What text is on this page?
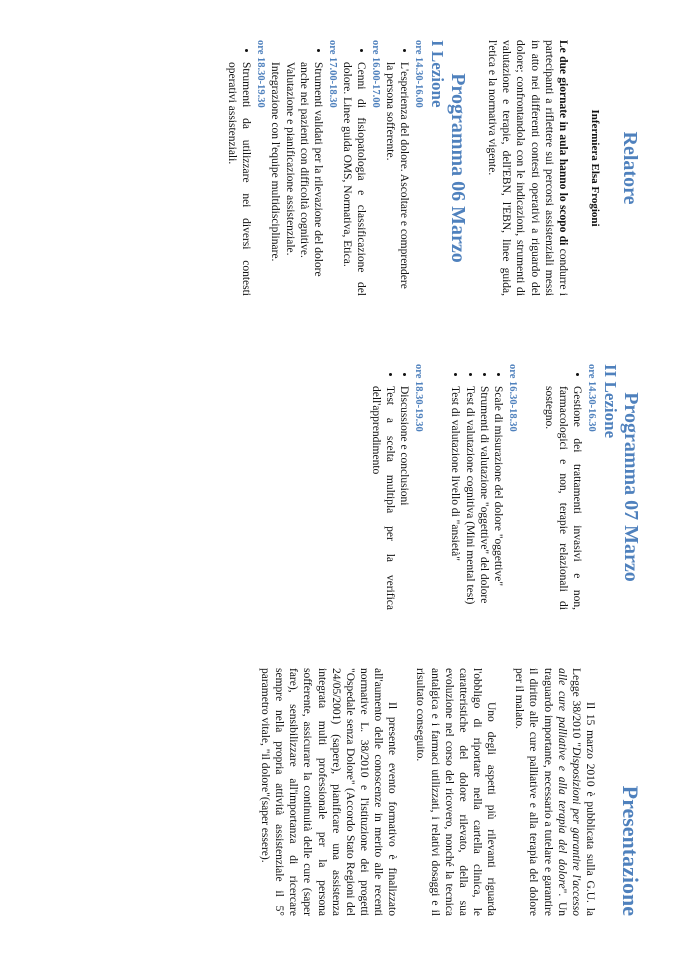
Relatore
Infermiera Elsa Frogioni

Le due giornate in aula hanno lo scopo di condurre i partecipanti a riflettere sui percorsi assistenziali messi in atto nei differenti contesti operativi a riguardo del dolore; confrontandola con le indicazioni, strumenti di valutazione e terapie, dell'EBN, l'EBN, linee guida, l'etica e la normativa vigente.

Programma 06 Marzo
I Lezione

ore 14.30-16.00

• L'esperienza del dolore. Ascoltare e comprendere la persona sofferente.

ore 16.00-17.00

• Cenni di fisiopatologia e classificazione del dolore. Linee guida OMS, Normativa, Etica.

ore 17.00-18.30

• Strumenti validati per la rilevazione del dolore anche nei pazienti con difficoltà cognitive. Valutazione e pianificazione assistenziale. Integrazione con l'equipe multidisciplinare.

ore 18.30-19.30

• Strumenti da utilizzare nei diversi contesti operativi assistenziali.
Programma 07 Marzo
II Lezione

ore 14.30-16.30

• Gestione dei trattamenti invasivi e non, farmacologici e non, terapie relazionali di sostegno.

ore 16.30-18.30

• Scale di misurazione del dolore "oggettive"
• Strumenti di valutazione "oggettive" del dolore
• Test di valutazione cognitiva (Mini mental test)
• Test di valutazione livello di "ansietà"

ore 18.30-19.30

• Discussione e conclusioni
• Test a scelta multipla per la verifica dell'apprendimento
Presentazione

Il 15 marzo 2010 è pubblicata sulla G.U. la Legge 38/2010 "Disposizioni per garantire l'accesso alle cure palliative e alla terapia del dolore". Un traguardo importante, necessario a tutelare e garantire il diritto alle cure palliative e alla terapia del dolore per il malato.

Uno degli aspetti più rilevanti riguarda l'obbligo di riportare nella cartella clinica, le caratteristiche del dolore rilevato, della sua evoluzione nel corso del ricovero, nonché la tecnica antalgica e i farmaci utilizzati, i relativi dosaggi e il risultato conseguito.

Il presente evento formativo è finalizzato all'aumento delle conoscenze in merito alle recenti normative L. 38/2010 e l'istituzione dei progetti "Ospedale senza Dolore" (Accordo Stato Regioni del 24/05/2001) (sapere), pianificare una assistenza integrata multi professionale per la persona sofferente, assicurare la continuità delle cure (saper fare), sensibilizzare all'importanza di ricercare sempre nella propria attività assistenziale il 5° parametro vitale, "il dolore"(saper essere).
